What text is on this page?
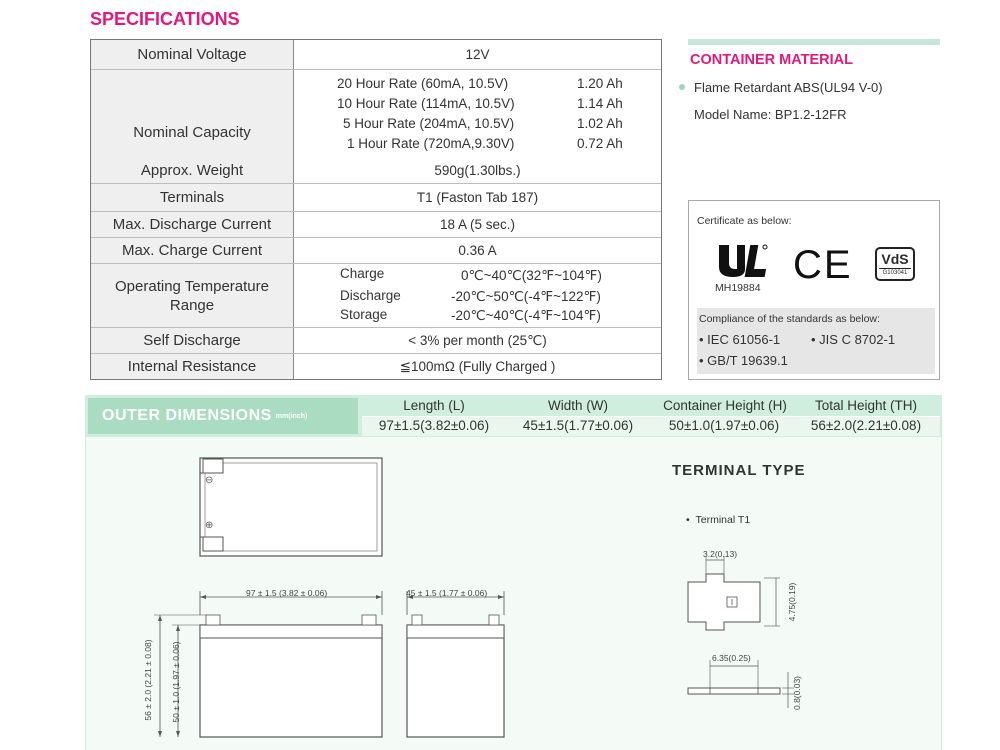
SPECIFICATIONS
Nominal Voltage	12V
Nominal Capacity
20 Hour Rate (60mA, 10.5V)	1.20 Ah
10 Hour Rate (114mA, 10.5V)	1.14 Ah
5 Hour Rate (204mA, 10.5V)	1.02 Ah
1 Hour Rate (720mA,9.30V)	0.72 Ah
Approx. Weight	590g(1.30lbs.)
Terminals	T1 (Faston Tab 187)
Max. Discharge Current	18 A (5 sec.)
Max. Charge Current	0.36 A
Operating Temperature
Range
Charge	0℃~40℃(32℉~104℉)
Discharge	-20℃~50℃(-4℉~122℉)
Storage	-20℃~40℃(-4℉~104℉)
Self Discharge	< 3% per month (25℃)
Internal Resistance	≦100mΩ (Fully Charged )
CONTAINER MATERIAL
Flame Retardant ABS(UL94 V-0)
Model Name: BP1.2-12FR
Certificate as below:
MH19884
CE	VdS
G103041
Compliance of the standards as below:
• IEC 61056-1 • JIS C 8702-1
• GB/T 19639.1
OUTER DIMENSIONS mm(inch)
Length (L)	Width (W)	Container Height (H)	Total Height (TH)
97±1.5(3.82±0.06)	45±1.5(1.77±0.06)	50±1.0(1.97±0.06)	56±2.0(2.21±0.08)
⊖
⊕
97 ± 1.5 (3.82 ± 0.06)
56 ± 2.0 (2.21 ± 0.08) 50 ± 1.0 (1.97 ± 0.06)
45 ± 1.5 (1.77 ± 0.06)
TERMINAL TYPE
•  Terminal T1
3.2(0.13)
4.75(0.19)
6.35(0.25)
0.8(0.03)
